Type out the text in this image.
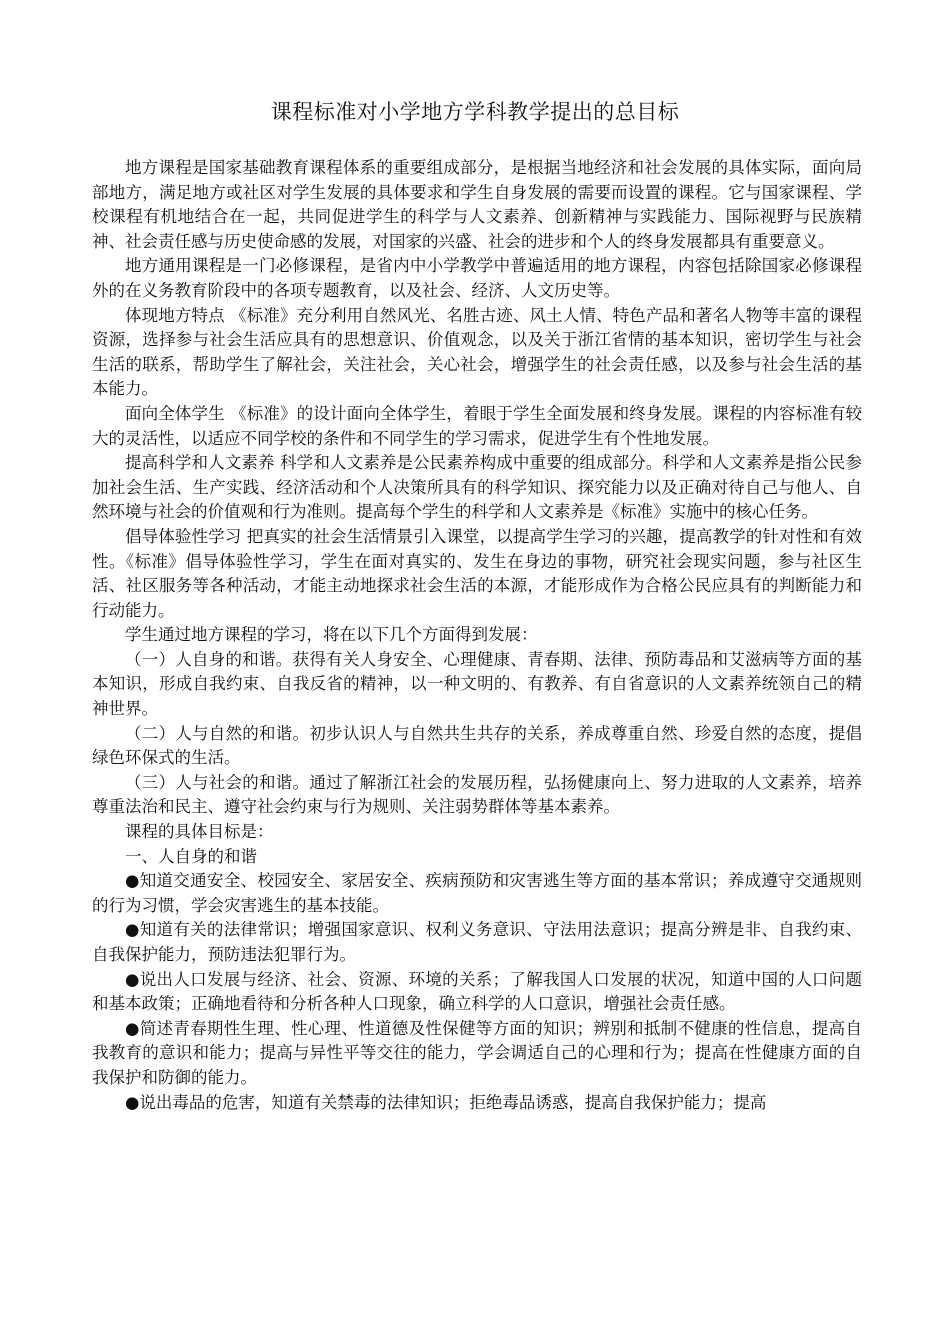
课程标准对小学地方学科教学提出的总目标

地方课程是国家基础教育课程体系的重要组成部分，是根据当地经济和社会发展的具体实际，面向局部地方，满足地方或社区对学生发展的具体要求和学生自身发展的需要而设置的课程。它与国家课程、学校课程有机地结合在一起，共同促进学生的科学与人文素养、创新精神与实践能力、国际视野与民族精神、社会责任感与历史使命感的发展，对国家的兴盛、社会的进步和个人的终身发展都具有重要意义。

地方通用课程是一门必修课程，是省内中小学教学中普遍适用的地方课程，内容包括除国家必修课程外的在义务教育阶段中的各项专题教育，以及社会、经济、人文历史等。

体现地方特点 《标准》充分利用自然风光、名胜古迹、风土人情、特色产品和著名人物等丰富的课程资源，选择参与社会生活应具有的思想意识、价值观念，以及关于浙江省情的基本知识，密切学生与社会生活的联系，帮助学生了解社会，关注社会，关心社会，增强学生的社会责任感，以及参与社会生活的基本能力。

面向全体学生 《标准》的设计面向全体学生，着眼于学生全面发展和终身发展。课程的内容标准有较大的灵活性，以适应不同学校的条件和不同学生的学习需求，促进学生有个性地发展。

提高科学和人文素养 科学和人文素养是公民素养构成中重要的组成部分。科学和人文素养是指公民参加社会生活、生产实践、经济活动和个人决策所具有的科学知识、探究能力以及正确对待自己与他人、自然环境与社会的价值观和行为准则。提高每个学生的科学和人文素养是《标准》实施中的核心任务。

倡导体验性学习 把真实的社会生活情景引入课堂，以提高学生学习的兴趣，提高教学的针对性和有效性。《标准》倡导体验性学习，学生在面对真实的、发生在身边的事物，研究社会现实问题，参与社区生活、社区服务等各种活动，才能主动地探求社会生活的本源，才能形成作为合格公民应具有的判断能力和行动能力。

学生通过地方课程的学习，将在以下几个方面得到发展：

（一）人自身的和谐。获得有关人身安全、心理健康、青春期、法律、预防毒品和艾滋病等方面的基本知识，形成自我约束、自我反省的精神，以一种文明的、有教养、有自省意识的人文素养统领自己的精神世界。

（二）人与自然的和谐。初步认识人与自然共生共存的关系，养成尊重自然、珍爱自然的态度，提倡绿色环保式的生活。

（三）人与社会的和谐。通过了解浙江社会的发展历程，弘扬健康向上、努力进取的人文素养，培养尊重法治和民主、遵守社会约束与行为规则、关注弱势群体等基本素养。

课程的具体目标是：

一、人自身的和谐

●知道交通安全、校园安全、家居安全、疾病预防和灾害逃生等方面的基本常识；养成遵守交通规则的行为习惯，学会灾害逃生的基本技能。

●知道有关的法律常识；增强国家意识、权利义务意识、守法用法意识；提高分辨是非、自我约束、自我保护能力，预防违法犯罪行为。

●说出人口发展与经济、社会、资源、环境的关系；了解我国人口发展的状况，知道中国的人口问题和基本政策；正确地看待和分析各种人口现象，确立科学的人口意识，增强社会责任感。

●简述青春期性生理、性心理、性道德及性保健等方面的知识；辨别和抵制不健康的性信息，提高自我教育的意识和能力；提高与异性平等交往的能力，学会调适自己的心理和行为；提高在性健康方面的自我保护和防御的能力。

●说出毒品的危害，知道有关禁毒的法律知识；拒绝毒品诱惑，提高自我保护能力；提高
